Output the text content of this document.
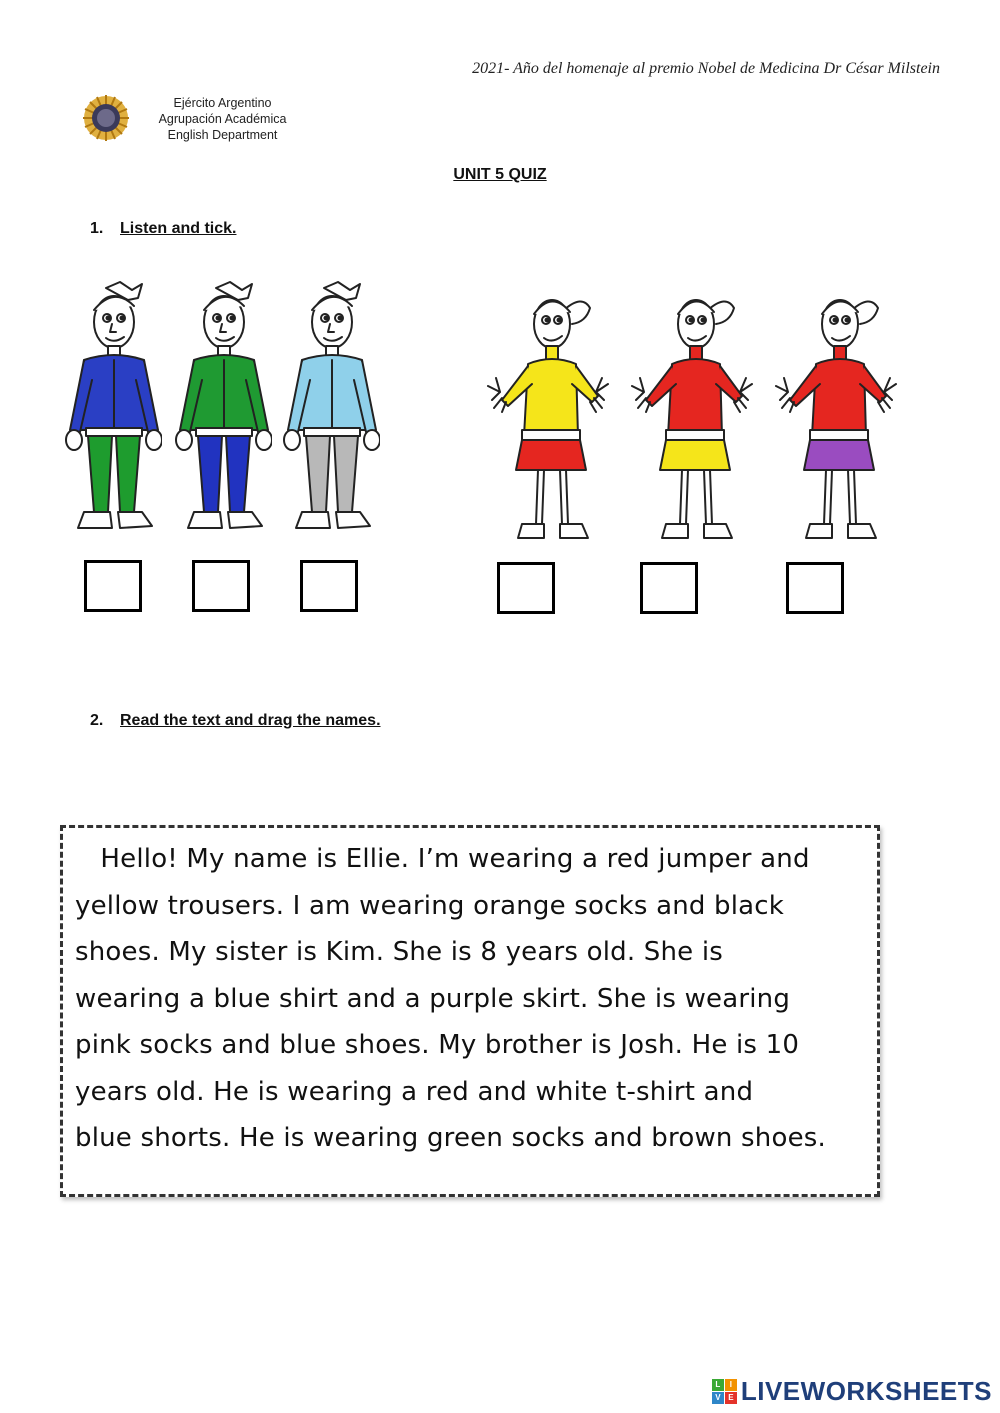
2021- Año del homenaje al premio Nobel de Medicina Dr César Milstein
Ejército Argentino
Agrupación Académica
English Department
UNIT 5 QUIZ
1. Listen and tick.
2. Read the text and drag the names.
Hello! My name is Ellie. I’m wearing a red jumper and
yellow trousers. I am wearing orange socks and black
shoes. My sister is Kim. She is 8 years old. She is
wearing a blue shirt and a purple skirt. She is wearing
pink socks and blue shoes. My brother is Josh. He is 10
years old. He is wearing a red and white t-shirt and
blue shorts. He is wearing green socks and brown shoes.
L	I
V E LIVEWORKSHEETS
